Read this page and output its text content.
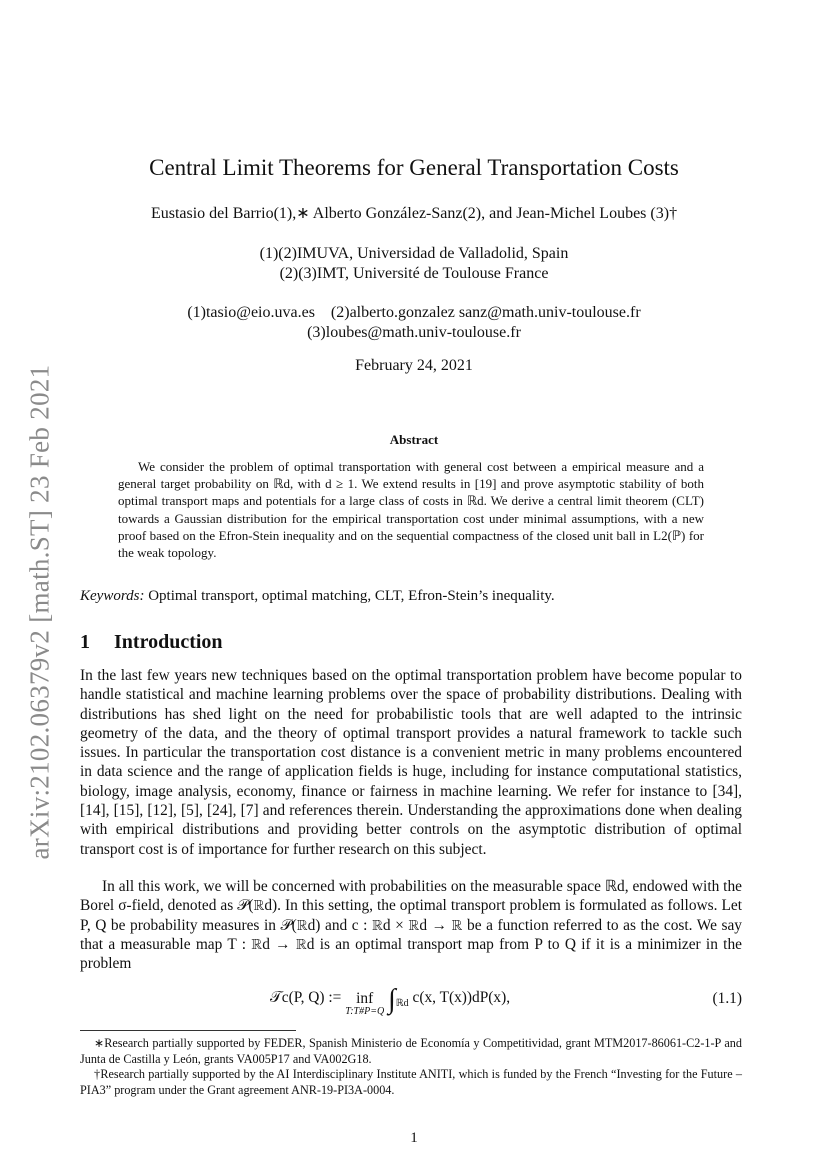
arXiv:2102.06379v2 [math.ST] 23 Feb 2021
Central Limit Theorems for General Transportation Costs
Eustasio del Barrio(1),∗ Alberto González-Sanz(2), and Jean-Michel Loubes (3)†
(1)(2)IMUVA, Universidad de Valladolid, Spain
(2)(3)IMT, Université de Toulouse France
(1)tasio@eio.uva.es    (2)alberto.gonzalez sanz@math.univ-toulouse.fr
(3)loubes@math.univ-toulouse.fr
February 24, 2021
Abstract
We consider the problem of optimal transportation with general cost between a empirical measure and a general target probability on ℝd, with d ≥ 1. We extend results in [19] and prove asymptotic stability of both optimal transport maps and potentials for a large class of costs in ℝd. We derive a central limit theorem (CLT) towards a Gaussian distribution for the empirical transportation cost under minimal assumptions, with a new proof based on the Efron-Stein inequality and on the sequential compactness of the closed unit ball in L2(ℙ) for the weak topology.
Keywords: Optimal transport, optimal matching, CLT, Efron-Stein’s inequality.
1 Introduction
In the last few years new techniques based on the optimal transportation problem have become popular to handle statistical and machine learning problems over the space of probability distributions. Dealing with distributions has shed light on the need for probabilistic tools that are well adapted to the intrinsic geometry of the data, and the theory of optimal transport provides a natural framework to tackle such issues. In particular the transportation cost distance is a convenient metric in many problems encountered in data science and the range of application fields is huge, including for instance computational statistics, biology, image analysis, economy, finance or fairness in machine learning. We refer for instance to [34], [14], [15], [12], [5], [24], [7] and references therein. Understanding the approximations done when dealing with empirical distributions and providing better controls on the asymptotic distribution of optimal transport cost is of importance for further research on this subject.
In all this work, we will be concerned with probabilities on the measurable space ℝd, endowed with the Borel σ-field, denoted as 𝒫(ℝd). In this setting, the optimal transport problem is formulated as follows. Let P, Q be probability measures in 𝒫(ℝd) and c : ℝd × ℝd → ℝ be a function referred to as the cost. We say that a measurable map T : ℝd → ℝd is an optimal transport map from P to Q if it is a minimizer in the problem
𝒯c(P, Q) := inf
T:T#P=Q $\int_{ℝd}$ c(x, T(x))dP(x),	(1.1)
∗Research partially supported by FEDER, Spanish Ministerio de Economía y Competitividad, grant MTM2017-86061-C2-1-P and Junta de Castilla y León, grants VA005P17 and VA002G18.
†Research partially supported by the AI Interdisciplinary Institute ANITI, which is funded by the French “Investing for the Future – PIA3” program under the Grant agreement ANR-19-PI3A-0004.
1
